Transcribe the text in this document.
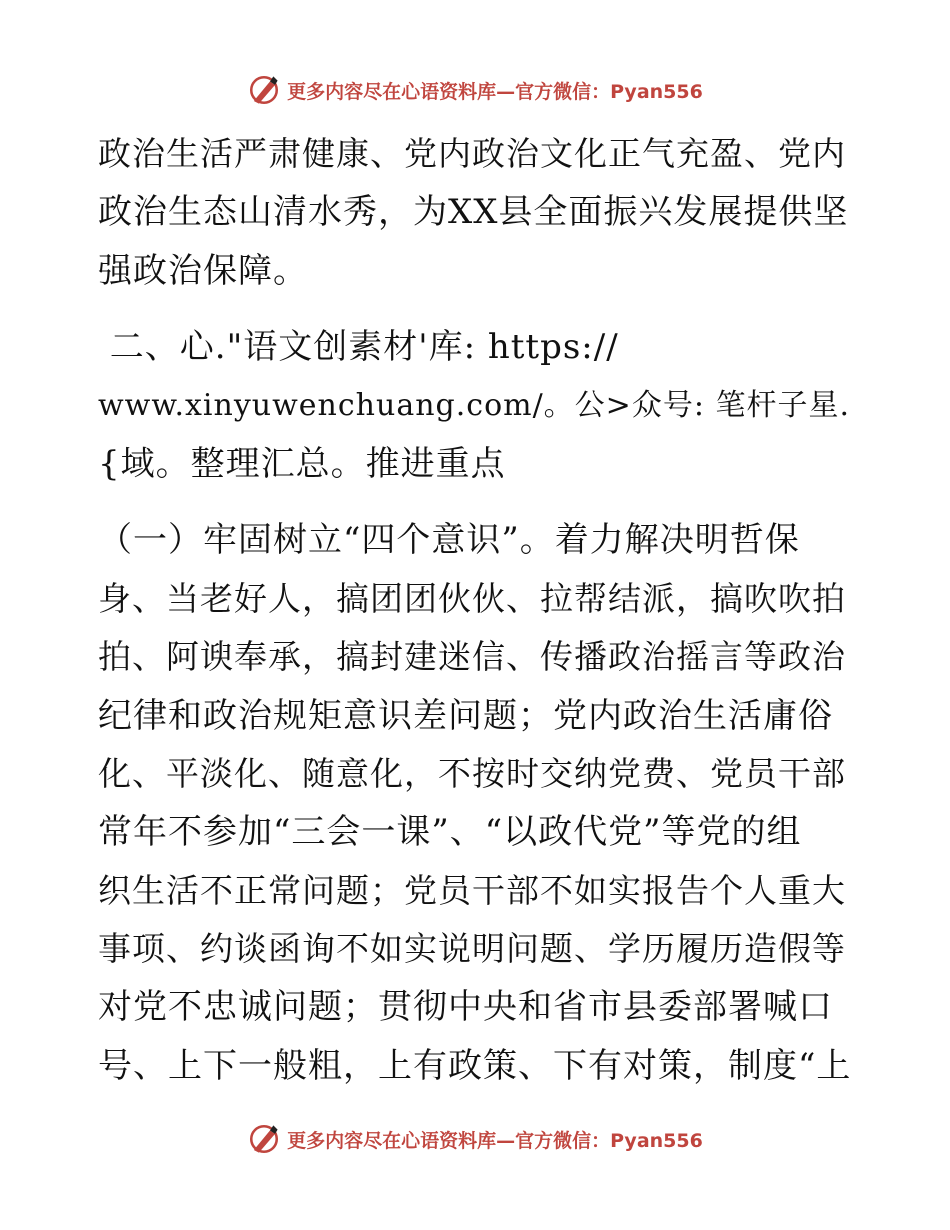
更多内容尽在心语资料库—官方微信：Pyan556
政治生活严肃健康、党内政治文化正气充盈、党内
政治生态山清水秀，为XX县全面振兴发展提供坚
强政治保障。
二、心."语文创素材'库: https://
www.xinyuwenchuang.com/。公>众号: 笔杆子星.
{域。整理汇总。推进重点
（一）牢固树立“四个意识”。着力解决明哲保
身、当老好人，搞团团伙伙、拉帮结派，搞吹吹拍
拍、阿谀奉承，搞封建迷信、传播政治摇言等政治
纪律和政治规矩意识差问题；党内政治生活庸俗
化、平淡化、随意化，不按时交纳党费、党员干部
常年不参加“三会一课”、“以政代党”等党的组
织生活不正常问题；党员干部不如实报告个人重大
事项、约谈函询不如实说明问题、学历履历造假等
对党不忠诚问题；贯彻中央和省市县委部署喊口
号、上下一般粗，上有政策、下有对策，制度“上
更多内容尽在心语资料库—官方微信：Pyan556
